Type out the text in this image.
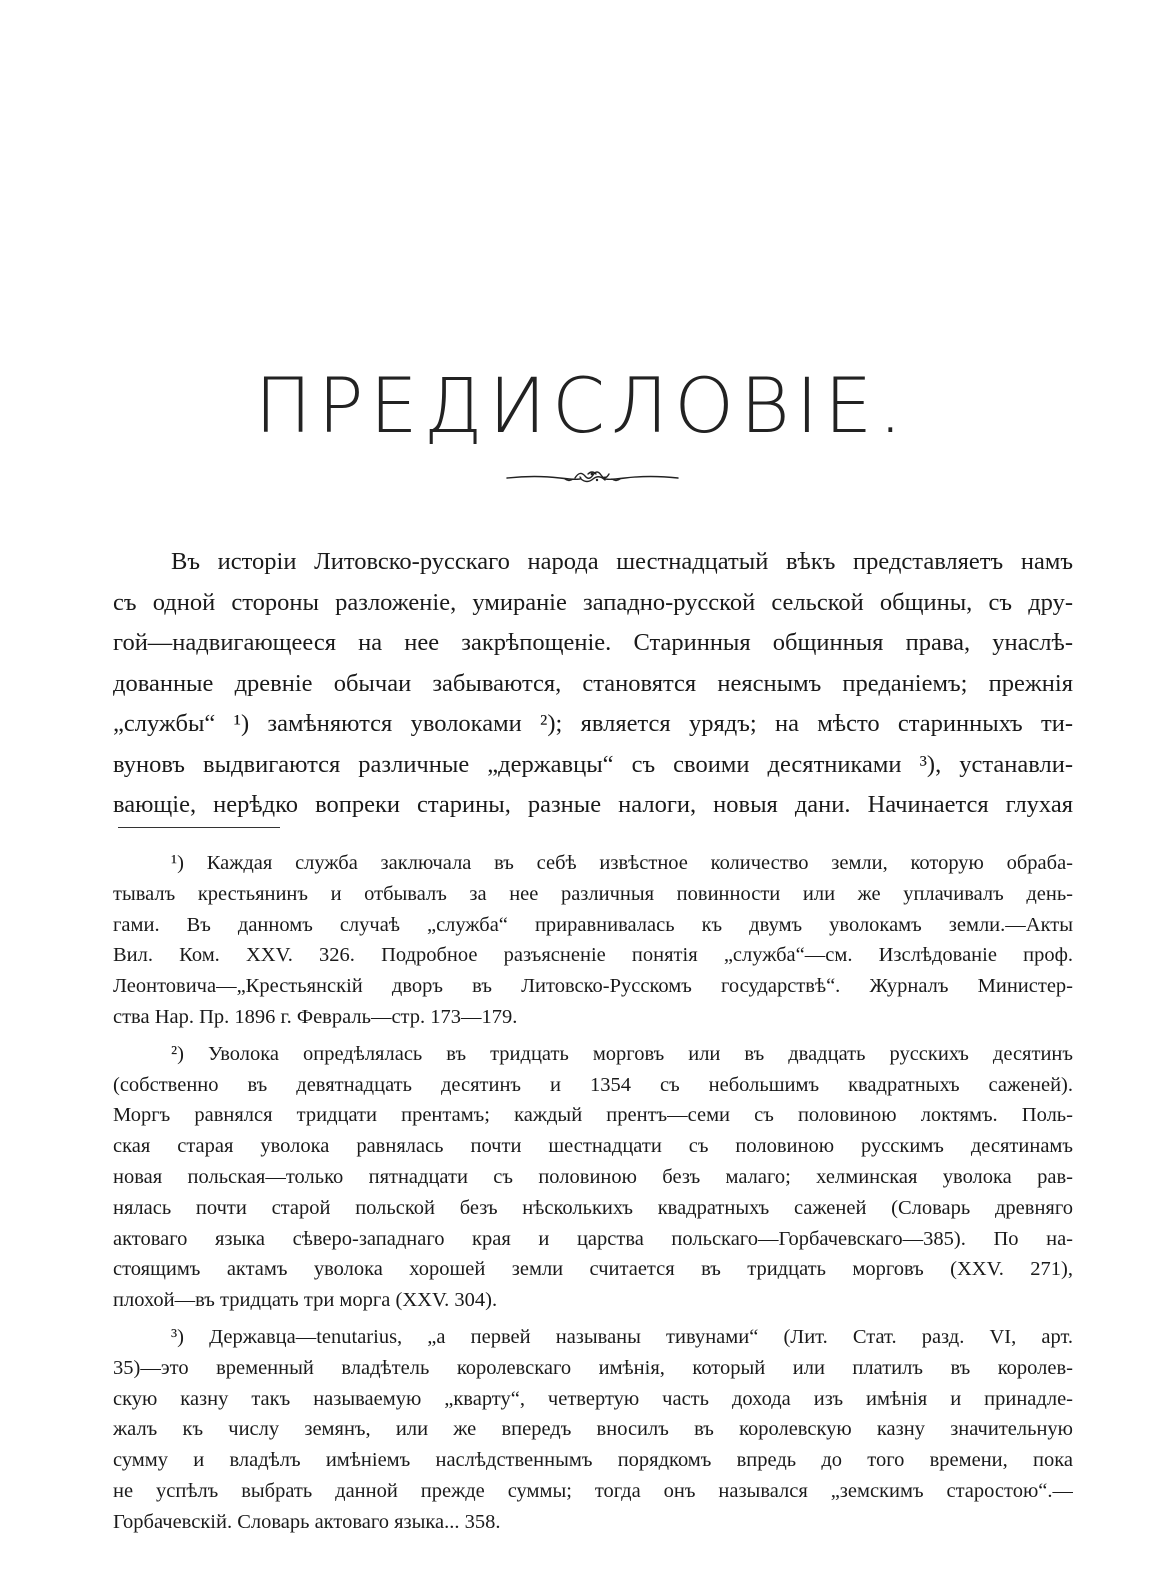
ПРЕДИСЛОВІЕ.
Въ исторіи Литовско-русскаго народа шестнадцатый вѣкъ представляетъ намъ
съ одной стороны разложеніе, умираніе западно-русской сельской общины, съ дру-
гой—надвигающееся на нее закрѣпощеніе. Старинныя общинныя права, унаслѣ-
дованные древніе обычаи забываются, становятся неяснымъ преданіемъ; прежнія
„службы“ ¹) замѣняются уволоками ²); является урядъ; на мѣсто старинныхъ ти-
вуновъ выдвигаются различные „державцы“ съ своими десятниками ³), устанавли-
вающіе, нерѣдко вопреки старины, разные налоги, новыя дани. Начинается глухая
¹) Каждая служба заключала въ себѣ извѣстное количество земли, которую обраба-
тывалъ крестьянинъ и отбывалъ за нее различныя повинности или же уплачивалъ день-
гами. Въ данномъ случаѣ „служба“ приравнивалась къ двумъ уволокамъ земли.—Акты
Вил. Ком. XXV. 326. Подробное разъясненіе понятія „служба“—см. Изслѣдованіе проф.
Леонтовича—„Крестьянскій дворъ въ Литовско-Русскомъ государствѣ“. Журналъ Министер-
ства Нар. Пр. 1896 г. Февраль—стр. 173—179.
²) Уволока опредѣлялась въ тридцать морговъ или въ двадцать русскихъ десятинъ
(собственно въ девятнадцать десятинъ и 1354 съ небольшимъ квадратныхъ саженей).
Моргъ равнялся тридцати прентамъ; каждый прентъ—семи съ половиною локтямъ. Поль-
ская старая уволока равнялась почти шестнадцати съ половиною русскимъ десятинамъ
новая польская—только пятнадцати съ половиною безъ малаго; хелминская уволока рав-
нялась почти старой польской безъ нѣсколькихъ квадратныхъ саженей (Словарь древняго
актоваго языка сѣверо-западнаго края и царства польскаго—Горбачевскаго—385). По на-
стоящимъ актамъ уволока хорошей земли считается въ тридцать морговъ (XXV. 271),
плохой—въ тридцать три морга (XXV. 304).
³) Державца—tenutarius, „а первей называны тивунами“ (Лит. Стат. разд. VI, арт.
35)—это временный владѣтель королевскаго имѣнія, который или платилъ въ королев-
скую казну такъ называемую „кварту“, четвертую часть дохода изъ имѣнія и принадле-
жалъ къ числу земянъ, или же впередъ вносилъ въ королевскую казну значительную
сумму и владѣлъ имѣніемъ наслѣдственнымъ порядкомъ впредь до того времени, пока
не успѣлъ выбрать данной прежде суммы; тогда онъ назывался „земскимъ старостою“.—
Горбачевскій. Словарь актоваго языка... 358.
